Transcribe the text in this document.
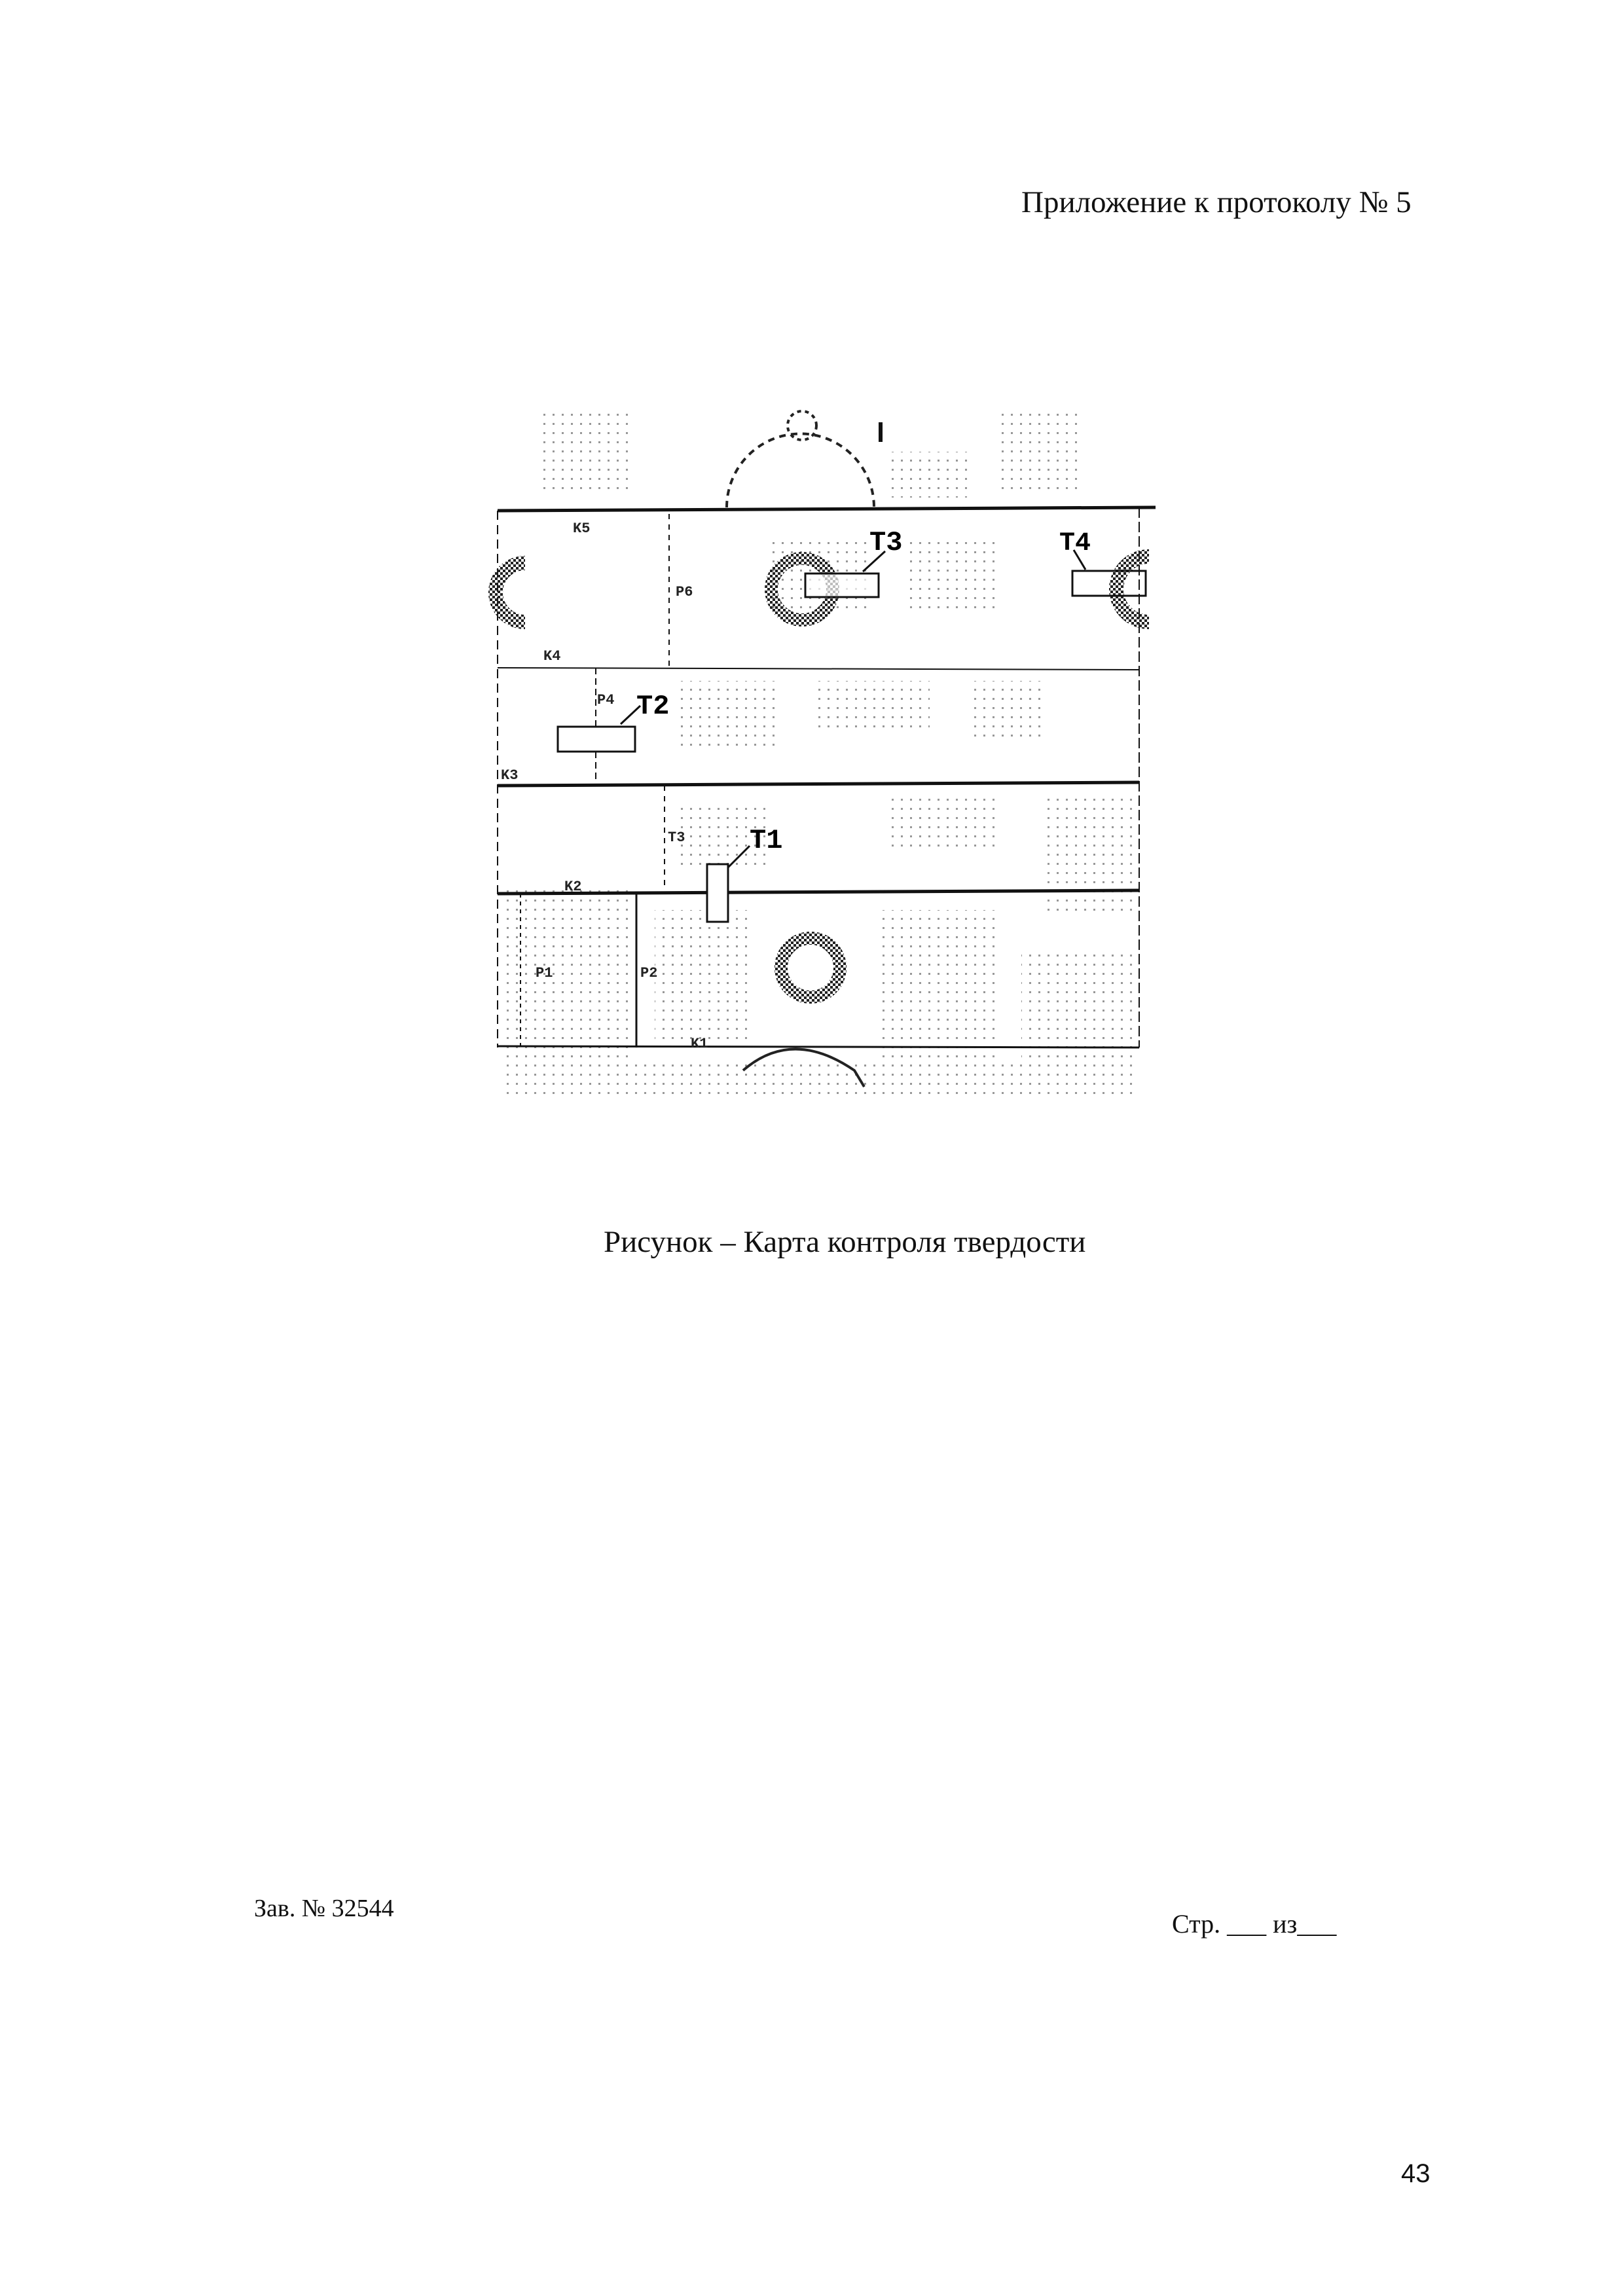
Приложение к протоколу № 5
T3	T4
T2
T1
K5
K4
P6
P4
K3
T3
K2
P1	P2
K1
Рисунок – Карта контроля твердости
Зав. № 32544
Стр. ___ из___
43
